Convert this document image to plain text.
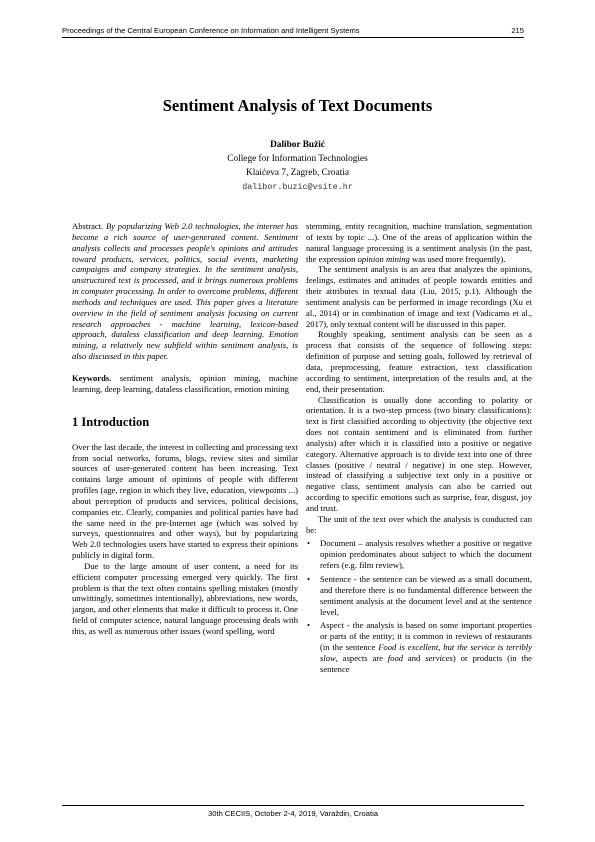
Proceedings of the Central European Conference on Information and Intelligent Systems	215
Sentiment Analysis of Text Documents
Dalibor Bužić
College for Information Technologies
Klaićeva 7, Zagreb, Croatia
dalibor.buzic@vsite.hr

Abstract. By popularizing Web 2.0 technologies, the internet has become a rich source of user-generated content. Sentiment analysis collects and processes people's opinions and attitudes toward products, services, politics, social events, marketing campaigns and company strategies. In the sentiment analysis, unstructured text is processed, and it brings numerous problems in computer processing. In order to overcome problems, different methods and techniques are used. This paper gives a literature overview in the field of sentiment analysis focusing on current research approaches - machine learning, lexicon-based approach, dataless classification and deep learning. Emotion mining, a relatively new subfield within sentiment analysis, is also discussed in this paper.

Keywords. sentiment analysis, opinion mining, machine learning, deep learning, dataless classification, emotion mining

1 Introduction

Over the last decade, the interest in collecting and processing text from social networks, forums, blogs, review sites and similar sources of user-generated content has been increasing. Text contains large amount of opinions of people with different profiles (age, region in which they live, education, viewpoints ...) about perception of products and services, political decisions, companies etc. Clearly, companies and political parties have had the same need in the pre-Internet age (which was solved by surveys, questionnaires and other ways), but by popularizing Web 2.0 technologies users have started to express their opinions publicly in digital form.

Due to the large amount of user content, a need for its efficient computer processing emerged very quickly. The first problem is that the text often contains spelling mistakes (mostly unwittingly, sometimes intentionally), abbreviations, new words, jargon, and other elements that make it difficult to process it. One field of computer science, natural language processing deals with this, as well as numerous other issues (word spelling, word

stemming, entity recognition, machine translation, segmentation of texts by topic ...). One of the areas of application within the natural language processing is a sentiment analysis (in the past, the expression opinion mining was used more frequently).

The sentiment analysis is an area that analyzes the opinions, feelings, estimates and attitudes of people towards entities and their attributes in textual data (Liu, 2015, p.1). Although the sentiment analysis can be performed in image recordings (Xu et al., 2014) or in combination of image and text (Vadicamo et al., 2017), only textual content will be discussed in this paper.

Roughly speaking, sentiment analysis can be seen as a process that consists of the sequence of following steps: definition of purpose and setting goals, followed by retrieval of data, preprocessing, feature extraction, text classification according to sentiment, interpretation of the results and, at the end, their presentation.

Classification is usually done according to polarity or orientation. It is a two-step process (two binary classifications): text is first classified according to objectivity (the objective text does not contain sentiment and is eliminated from further analysis) after which it is classified into a positive or negative category. Alternative approach is to divide text into one of three classes (positive / neutral / negative) in one step. However, instead of classifying a subjective text only in a positive or negative class, sentiment analysis can also be carried out according to specific emotions such as surprise, fear, disgust, joy and trust.

The unit of the text over which the analysis is conducted can be:

• Document – analysis resolves whether a positive or negative opinion predominates about subject to which the document refers (e.g. film review),
• Sentence - the sentence can be viewed as a small document, and therefore there is no fundamental difference between the sentiment analysis at the document level and at the sentence level,
• Aspect - the analysis is based on some important properties or parts of the entity; it is common in reviews of restaurants (in the sentence Food is excellent, but the service is terribly slow, aspects are food and services) or products (in the sentence
30th CECIIS, October 2-4, 2019, Varaždin, Croatia
